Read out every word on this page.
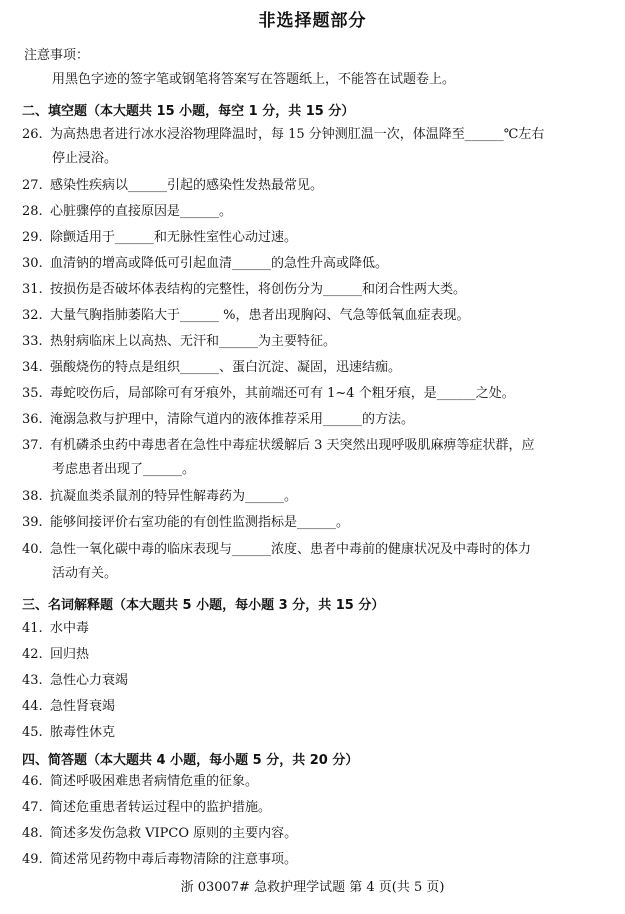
非选择题部分
注意事项：
用黑色字迹的签字笔或钢笔将答案写在答题纸上，不能答在试题卷上。
二、填空题（本大题共 15 小题，每空 1 分，共 15 分）
26. 为高热患者进行冰水浸浴物理降温时，每 15 分钟测肛温一次，体温降至______℃左右
停止浸浴。
27. 感染性疾病以______引起的感染性发热最常见。
28. 心脏骤停的直接原因是______。
29. 除颤适用于______和无脉性室性心动过速。
30. 血清钠的增高或降低可引起血清______的急性升高或降低。
31. 按损伤是否破坏体表结构的完整性，将创伤分为______和闭合性两大类。
32. 大量气胸指肺萎陷大于______ %，患者出现胸闷、气急等低氧血症表现。
33. 热射病临床上以高热、无汗和______为主要特征。
34. 强酸烧伤的特点是组织______、蛋白沉淀、凝固，迅速结痂。
35. 毒蛇咬伤后，局部除可有牙痕外，其前端还可有 1~4 个粗牙痕，是______之处。
36. 淹溺急救与护理中，清除气道内的液体推荐采用______的方法。
37. 有机磷杀虫药中毒患者在急性中毒症状缓解后 3 天突然出现呼吸肌麻痹等症状群，应
考虑患者出现了______。
38. 抗凝血类杀鼠剂的特异性解毒药为______。
39. 能够间接评价右室功能的有创性监测指标是______。
40. 急性一氧化碳中毒的临床表现与______浓度、患者中毒前的健康状况及中毒时的体力
活动有关。
三、名词解释题（本大题共 5 小题，每小题 3 分，共 15 分）
41. 水中毒
42. 回归热
43. 急性心力衰竭
44. 急性肾衰竭
45. 脓毒性休克
四、简答题（本大题共 4 小题，每小题 5 分，共 20 分）
46. 简述呼吸困难患者病情危重的征象。
47. 简述危重患者转运过程中的监护措施。
48. 简述多发伤急救 VIPCO 原则的主要内容。
49. 简述常见药物中毒后毒物清除的注意事项。
浙 03007# 急救护理学试题 第 4 页(共 5 页)
